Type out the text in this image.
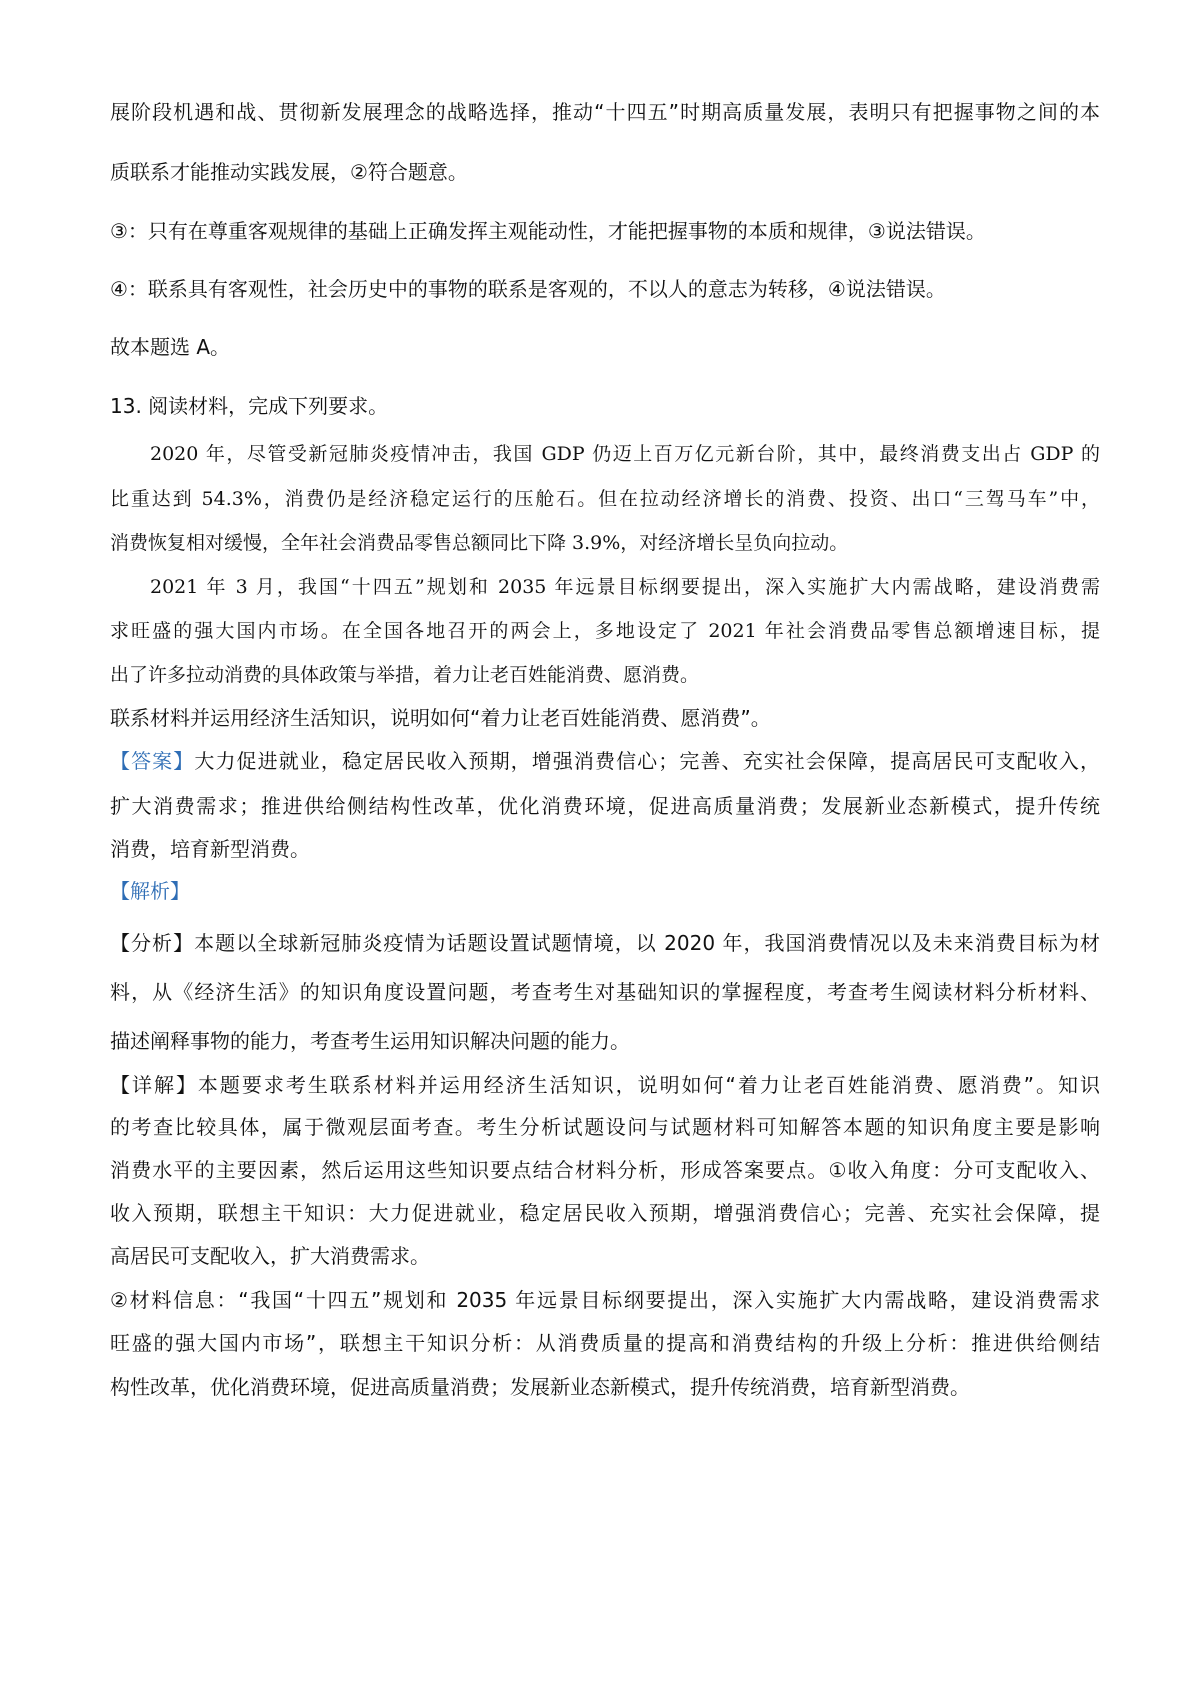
展阶段机遇和战、贯彻新发展理念的战略选择，推动“十四五”时期高质量发展，表明只有把握事物之间的本
质联系才能推动实践发展，②符合题意。
③：只有在尊重客观规律的基础上正确发挥主观能动性，才能把握事物的本质和规律，③说法错误。
④：联系具有客观性，社会历史中的事物的联系是客观的，不以人的意志为转移，④说法错误。
故本题选 A。
13. 阅读材料，完成下列要求。
2020 年，尽管受新冠肺炎疫情冲击，我国 GDP 仍迈上百万亿元新台阶，其中，最终消费支出占 GDP 的
比重达到 54.3%，消费仍是经济稳定运行的压舱石。但在拉动经济增长的消费、投资、出口“三驾马车”中，
消费恢复相对缓慢，全年社会消费品零售总额同比下降 3.9%，对经济增长呈负向拉动。
2021 年 3 月，我国“十四五”规划和 2035 年远景目标纲要提出，深入实施扩大内需战略，建设消费需
求旺盛的强大国内市场。在全国各地召开的两会上，多地设定了 2021 年社会消费品零售总额增速目标，提
出了许多拉动消费的具体政策与举措，着力让老百姓能消费、愿消费。
联系材料并运用经济生活知识，说明如何“着力让老百姓能消费、愿消费”。
【答案】大力促进就业，稳定居民收入预期，增强消费信心；完善、充实社会保障，提高居民可支配收入，
扩大消费需求；推进供给侧结构性改革，优化消费环境，促进高质量消费；发展新业态新模式，提升传统
消费，培育新型消费。
【解析】
【分析】本题以全球新冠肺炎疫情为话题设置试题情境，以 2020 年，我国消费情况以及未来消费目标为材
料，从《经济生活》的知识角度设置问题，考查考生对基础知识的掌握程度，考查考生阅读材料分析材料、
描述阐释事物的能力，考查考生运用知识解决问题的能力。
【详解】本题要求考生联系材料并运用经济生活知识，说明如何“着力让老百姓能消费、愿消费”。知识
的考查比较具体，属于微观层面考查。考生分析试题设问与试题材料可知解答本题的知识角度主要是影响
消费水平的主要因素，然后运用这些知识要点结合材料分析，形成答案要点。①收入角度：分可支配收入、
收入预期，联想主干知识：大力促进就业，稳定居民收入预期，增强消费信心；完善、充实社会保障，提
高居民可支配收入，扩大消费需求。
②材料信息：“我国“十四五”规划和 2035 年远景目标纲要提出，深入实施扩大内需战略，建设消费需求
旺盛的强大国内市场”，联想主干知识分析：从消费质量的提高和消费结构的升级上分析：推进供给侧结
构性改革，优化消费环境，促进高质量消费；发展新业态新模式，提升传统消费，培育新型消费。
